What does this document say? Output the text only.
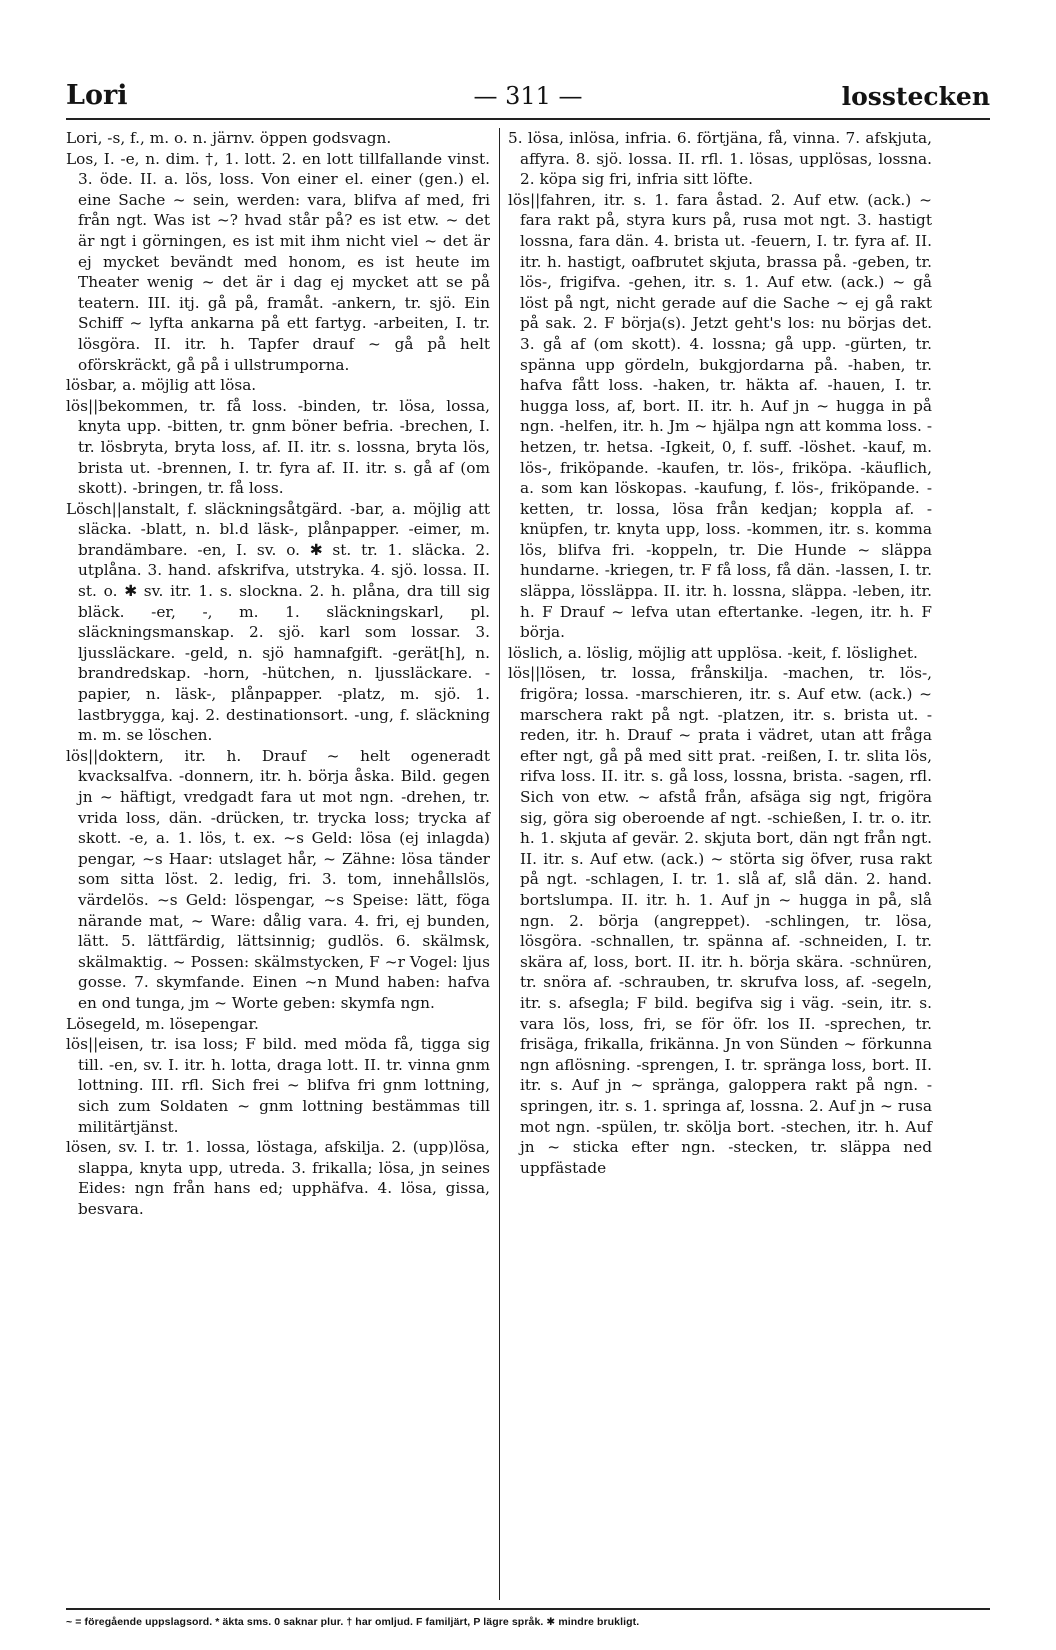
Lori	— 311 —	losstecken

Lori, -s, f., m. o. n. järnv. öppen godsvagn.

Los, I. -e, n. dim. †, 1. lott. 2. en lott tillfallande vinst. 3. öde. II. a. lös, loss. Von einer el. einer (gen.) el. eine Sache ~ sein, werden: vara, blifva af med, fri från ngt. Was ist ~? hvad står på? es ist etw. ~ det är ngt i görningen, es ist mit ihm nicht viel ~ det är ej mycket bevändt med honom, es ist heute im Theater wenig ~ det är i dag ej mycket att se på teatern. III. itj. gå på, framåt. -ankern, tr. sjö. Ein Schiff ~ lyfta ankarna på ett fartyg. -arbeiten, I. tr. lösgöra. II. itr. h. Tapfer drauf ~ gå på helt oförskräckt, gå på i ullstrumporna.

lösbar, a. möjlig att lösa.

lös||bekommen, tr. få loss. -binden, tr. lösa, lossa, knyta upp. -bitten, tr. gnm böner befria. -brechen, I. tr. lösbryta, bryta loss, af. II. itr. s. lossna, bryta lös, brista ut. -brennen, I. tr. fyra af. II. itr. s. gå af (om skott). -bringen, tr. få loss.

Lösch||anstalt, f. släckningsåtgärd. -bar, a. möjlig att släcka. -blatt, n. bl.d läsk-, plånpapper. -eimer, m. brandämbare. -en, I. sv. o. ✱ st. tr. 1. släcka. 2. utplåna. 3. hand. afskrifva, utstryka. 4. sjö. lossa. II. st. o. ✱ sv. itr. 1. s. slockna. 2. h. plåna, dra till sig bläck. -er, -, m. 1. släckningskarl, pl. släckningsmanskap. 2. sjö. karl som lossar. 3. ljussläckare. -geld, n. sjö hamnafgift. -gerät[h], n. brandredskap. -horn, -hütchen, n. ljussläckare. -papier, n. läsk-, plånpapper. -platz, m. sjö. 1. lastbrygga, kaj. 2. destinationsort. -ung, f. släckning m. m. se löschen.

lös||doktern, itr. h. Drauf ~ helt ogeneradt kvacksalfva. -donnern, itr. h. börja åska. Bild. gegen jn ~ häftigt, vredgadt fara ut mot ngn. -drehen, tr. vrida loss, dän. -drücken, tr. trycka loss; trycka af skott. -e, a. 1. lös, t. ex. ~s Geld: lösa (ej inlagda) pengar, ~s Haar: utslaget hår, ~ Zähne: lösa tänder som sitta löst. 2. ledig, fri. 3. tom, innehållslös, värdelös. ~s Geld: löspengar, ~s Speise: lätt, föga närande mat, ~ Ware: dålig vara. 4. fri, ej bunden, lätt. 5. lättfärdig, lättsinnig; gudlös. 6. skälmsk, skälmaktig. ~ Possen: skälmstycken, F ~r Vogel: ljus gosse. 7. skymfande. Einen ~n Mund haben: hafva en ond tunga, jm ~ Worte geben: skymfa ngn.

Lösegeld, m. lösepengar.

lös||eisen, tr. isa loss; F bild. med möda få, tigga sig till. -en, sv. I. itr. h. lotta, draga lott. II. tr. vinna gnm lottning. III. rfl. Sich frei ~ blifva fri gnm lottning, sich zum Soldaten ~ gnm lottning bestämmas till militärtjänst.

lösen, sv. I. tr. 1. lossa, löstaga, afskilja. 2. (upp)lösa, slappa, knyta upp, utreda. 3. frikalla; lösa, jn seines Eides: ngn från hans ed; upphäfva. 4. lösa, gissa, besvara.

5. lösa, inlösa, infria. 6. förtjäna, få, vinna. 7. afskjuta, affyra. 8. sjö. lossa. II. rfl. 1. lösas, upplösas, lossna. 2. köpa sig fri, infria sitt löfte.

lös||fahren, itr. s. 1. fara åstad. 2. Auf etw. (ack.) ~ fara rakt på, styra kurs på, rusa mot ngt. 3. hastigt lossna, fara dän. 4. brista ut. -feuern, I. tr. fyra af. II. itr. h. hastigt, oafbrutet skjuta, brassa på. -geben, tr. lös-, frigifva. -gehen, itr. s. 1. Auf etw. (ack.) ~ gå löst på ngt, nicht gerade auf die Sache ~ ej gå rakt på sak. 2. F börja(s). Jetzt geht's los: nu börjas det. 3. gå af (om skott). 4. lossna; gå upp. -gürten, tr. spänna upp gördeln, bukgjordarna på. -haben, tr. hafva fått loss. -haken, tr. häkta af. -hauen, I. tr. hugga loss, af, bort. II. itr. h. Auf jn ~ hugga in på ngn. -helfen, itr. h. Jm ~ hjälpa ngn att komma loss. -hetzen, tr. hetsa. -Igkeit, 0, f. suff. -löshet. -kauf, m. lös-, friköpande. -kaufen, tr. lös-, friköpa. -käuflich, a. som kan löskopas. -kaufung, f. lös-, friköpande. -ketten, tr. lossa, lösa från kedjan; koppla af. -knüpfen, tr. knyta upp, loss. -kommen, itr. s. komma lös, blifva fri. -koppeln, tr. Die Hunde ~ släppa hundarne. -kriegen, tr. F få loss, få dän. -lassen, I. tr. släppa, lössläppa. II. itr. h. lossna, släppa. -leben, itr. h. F Drauf ~ lefva utan eftertanke. -legen, itr. h. F börja.

löslich, a. löslig, möjlig att upplösa. -keit, f. löslighet.

lös||lösen, tr. lossa, frånskilja. -machen, tr. lös-, frigöra; lossa. -marschieren, itr. s. Auf etw. (ack.) ~ marschera rakt på ngt. -platzen, itr. s. brista ut. -reden, itr. h. Drauf ~ prata i vädret, utan att fråga efter ngt, gå på med sitt prat. -reißen, I. tr. slita lös, rifva loss. II. itr. s. gå loss, lossna, brista. -sagen, rfl. Sich von etw. ~ afstå från, afsäga sig ngt, frigöra sig, göra sig oberoende af ngt. -schießen, I. tr. o. itr. h. 1. skjuta af gevär. 2. skjuta bort, dän ngt från ngt. II. itr. s. Auf etw. (ack.) ~ störta sig öfver, rusa rakt på ngt. -schlagen, I. tr. 1. slå af, slå dän. 2. hand. bortslumpa. II. itr. h. 1. Auf jn ~ hugga in på, slå ngn. 2. börja (angreppet). -schlingen, tr. lösa, lösgöra. -schnallen, tr. spänna af. -schneiden, I. tr. skära af, loss, bort. II. itr. h. börja skära. -schnüren, tr. snöra af. -schrauben, tr. skrufva loss, af. -segeln, itr. s. afsegla; F bild. begifva sig i väg. -sein, itr. s. vara lös, loss, fri, se för öfr. los II. -sprechen, tr. frisäga, frikalla, frikänna. Jn von Sünden ~ förkunna ngn aflösning. -sprengen, I. tr. spränga loss, bort. II. itr. s. Auf jn ~ spränga, galoppera rakt på ngn. -springen, itr. s. 1. springa af, lossna. 2. Auf jn ~ rusa mot ngn. -spülen, tr. skölja bort. -stechen, itr. h. Auf jn ~ sticka efter ngn. -stecken, tr. släppa ned uppfästade

~ = föregående uppslagsord. * äkta sms. 0 saknar plur. † har omljud. F familjärt, P lägre språk. ✱ mindre brukligt.
